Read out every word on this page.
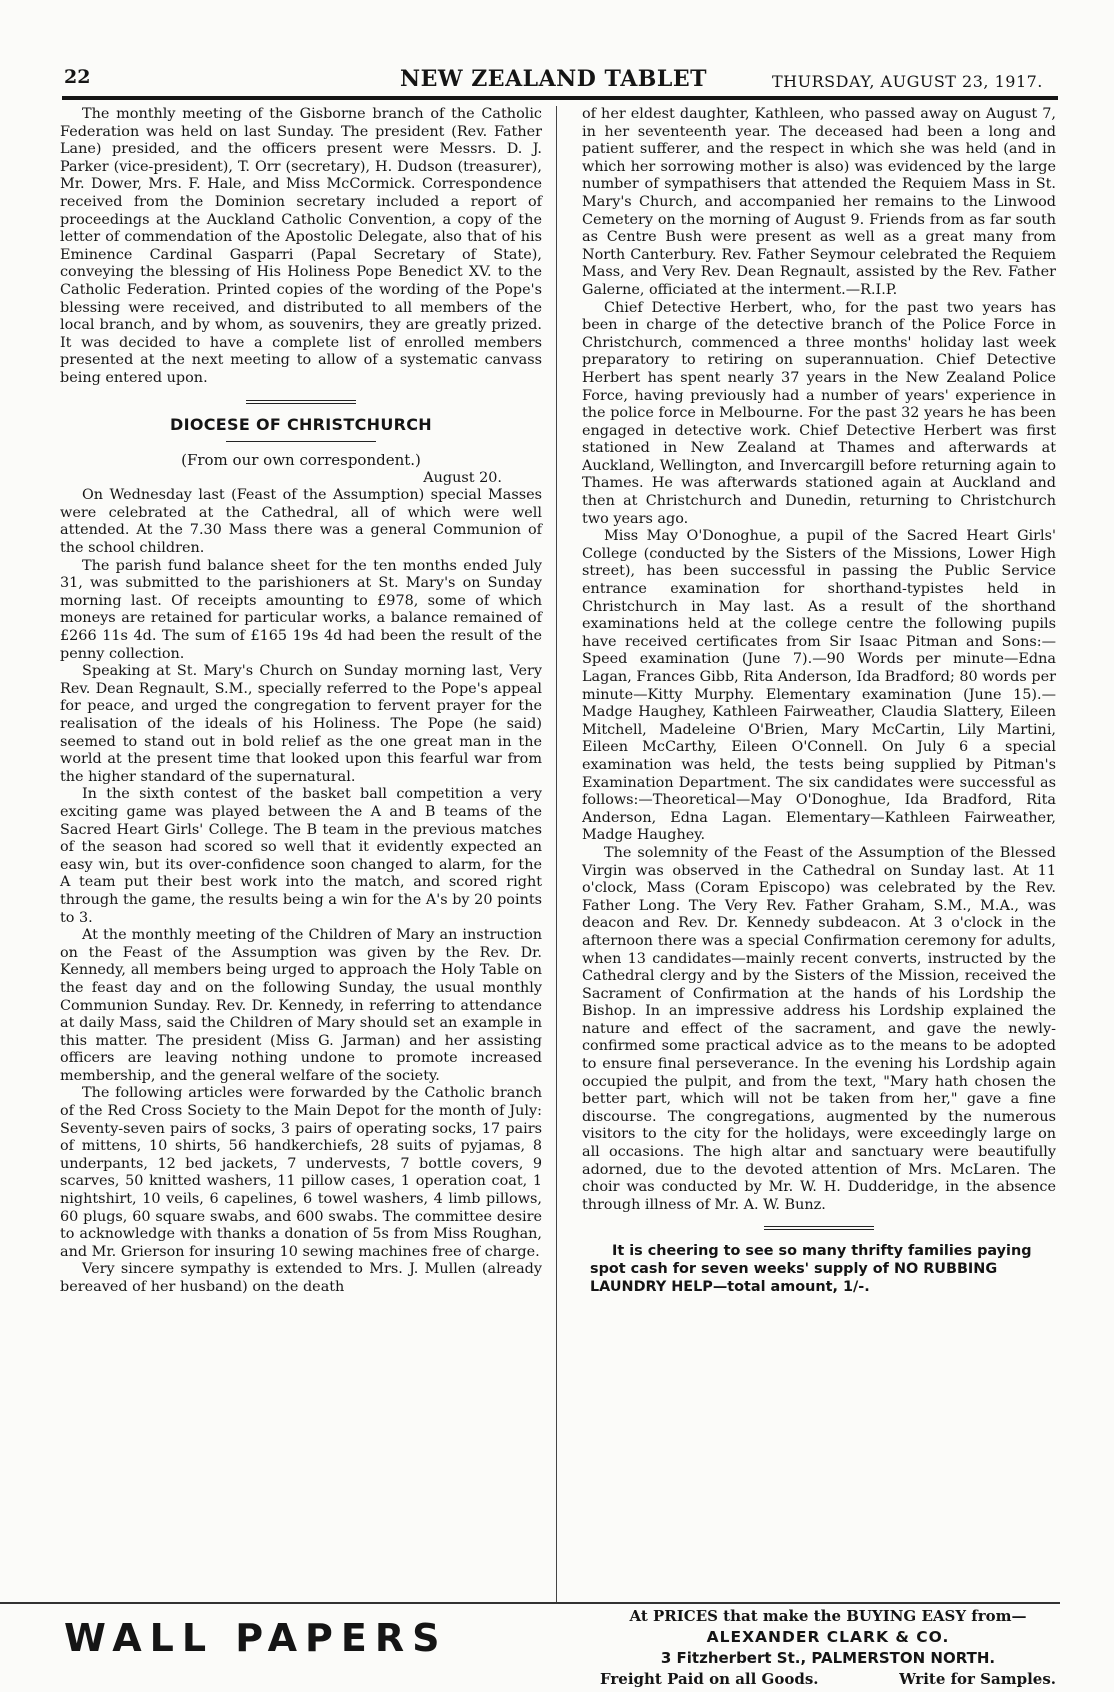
22	NEW ZEALAND TABLET	THURSDAY, AUGUST 23, 1917.

The monthly meeting of the Gisborne branch of the Catholic Federation was held on last Sunday. The president (Rev. Father Lane) presided, and the officers present were Messrs. D. J. Parker (vice-president), T. Orr (secretary), H. Dudson (treasurer), Mr. Dower, Mrs. F. Hale, and Miss McCormick. Correspondence received from the Dominion secretary included a report of proceedings at the Auckland Catholic Convention, a copy of the letter of commendation of the Apostolic Delegate, also that of his Eminence Cardinal Gasparri (Papal Secretary of State), conveying the blessing of His Holiness Pope Benedict XV. to the Catholic Federation. Printed copies of the wording of the Pope's blessing were received, and distributed to all members of the local branch, and by whom, as souvenirs, they are greatly prized. It was decided to have a complete list of enrolled members presented at the next meeting to allow of a systematic canvass being entered upon.

DIOCESE OF CHRISTCHURCH

(From our own correspondent.)

August 20.

On Wednesday last (Feast of the Assumption) special Masses were celebrated at the Cathedral, all of which were well attended. At the 7.30 Mass there was a general Communion of the school children.

The parish fund balance sheet for the ten months ended July 31, was submitted to the parishioners at St. Mary's on Sunday morning last. Of receipts amounting to £978, some of which moneys are retained for particular works, a balance remained of £266 11s 4d. The sum of £165 19s 4d had been the result of the penny collection.

Speaking at St. Mary's Church on Sunday morning last, Very Rev. Dean Regnault, S.M., specially referred to the Pope's appeal for peace, and urged the congregation to fervent prayer for the realisation of the ideals of his Holiness. The Pope (he said) seemed to stand out in bold relief as the one great man in the world at the present time that looked upon this fearful war from the higher standard of the supernatural.

In the sixth contest of the basket ball competition a very exciting game was played between the A and B teams of the Sacred Heart Girls' College. The B team in the previous matches of the season had scored so well that it evidently expected an easy win, but its over-confidence soon changed to alarm, for the A team put their best work into the match, and scored right through the game, the results being a win for the A's by 20 points to 3.

At the monthly meeting of the Children of Mary an instruction on the Feast of the Assumption was given by the Rev. Dr. Kennedy, all members being urged to approach the Holy Table on the feast day and on the following Sunday, the usual monthly Communion Sunday. Rev. Dr. Kennedy, in referring to attendance at daily Mass, said the Children of Mary should set an example in this matter. The president (Miss G. Jarman) and her assisting officers are leaving nothing undone to promote increased membership, and the general welfare of the society.

The following articles were forwarded by the Catholic branch of the Red Cross Society to the Main Depot for the month of July: Seventy-seven pairs of socks, 3 pairs of operating socks, 17 pairs of mittens, 10 shirts, 56 handkerchiefs, 28 suits of pyjamas, 8 underpants, 12 bed jackets, 7 undervests, 7 bottle covers, 9 scarves, 50 knitted washers, 11 pillow cases, 1 operation coat, 1 nightshirt, 10 veils, 6 capelines, 6 towel washers, 4 limb pillows, 60 plugs, 60 square swabs, and 600 swabs. The committee desire to acknowledge with thanks a donation of 5s from Miss Roughan, and Mr. Grierson for insuring 10 sewing machines free of charge.

Very sincere sympathy is extended to Mrs. J. Mullen (already bereaved of her husband) on the death

of her eldest daughter, Kathleen, who passed away on August 7, in her seventeenth year. The deceased had been a long and patient sufferer, and the respect in which she was held (and in which her sorrowing mother is also) was evidenced by the large number of sympathisers that attended the Requiem Mass in St. Mary's Church, and accompanied her remains to the Linwood Cemetery on the morning of August 9. Friends from as far south as Centre Bush were present as well as a great many from North Canterbury. Rev. Father Seymour celebrated the Requiem Mass, and Very Rev. Dean Regnault, assisted by the Rev. Father Galerne, officiated at the interment.—R.I.P.

Chief Detective Herbert, who, for the past two years has been in charge of the detective branch of the Police Force in Christchurch, commenced a three months' holiday last week preparatory to retiring on superannuation. Chief Detective Herbert has spent nearly 37 years in the New Zealand Police Force, having previously had a number of years' experience in the police force in Melbourne. For the past 32 years he has been engaged in detective work. Chief Detective Herbert was first stationed in New Zealand at Thames and afterwards at Auckland, Wellington, and Invercargill before returning again to Thames. He was afterwards stationed again at Auckland and then at Christchurch and Dunedin, returning to Christchurch two years ago.

Miss May O'Donoghue, a pupil of the Sacred Heart Girls' College (conducted by the Sisters of the Missions, Lower High street), has been successful in passing the Public Service entrance examination for shorthand-typistes held in Christchurch in May last. As a result of the shorthand examinations held at the college centre the following pupils have received certificates from Sir Isaac Pitman and Sons:—Speed examination (June 7).—90 Words per minute—Edna Lagan, Frances Gibb, Rita Anderson, Ida Bradford; 80 words per minute—Kitty Murphy. Elementary examination (June 15).—Madge Haughey, Kathleen Fairweather, Claudia Slattery, Eileen Mitchell, Madeleine O'Brien, Mary McCartin, Lily Martini, Eileen McCarthy, Eileen O'Connell. On July 6 a special examination was held, the tests being supplied by Pitman's Examination Department. The six candidates were successful as follows:—Theoretical—May O'Donoghue, Ida Bradford, Rita Anderson, Edna Lagan. Elementary—Kathleen Fairweather, Madge Haughey.

The solemnity of the Feast of the Assumption of the Blessed Virgin was observed in the Cathedral on Sunday last. At 11 o'clock, Mass (Coram Episcopo) was celebrated by the Rev. Father Long. The Very Rev. Father Graham, S.M., M.A., was deacon and Rev. Dr. Kennedy subdeacon. At 3 o'clock in the afternoon there was a special Confirmation ceremony for adults, when 13 candidates—mainly recent converts, instructed by the Cathedral clergy and by the Sisters of the Mission, received the Sacrament of Confirmation at the hands of his Lordship the Bishop. In an impressive address his Lordship explained the nature and effect of the sacrament, and gave the newly-confirmed some practical advice as to the means to be adopted to ensure final perseverance. In the evening his Lordship again occupied the pulpit, and from the text, "Mary hath chosen the better part, which will not be taken from her," gave a fine discourse. The congregations, augmented by the numerous visitors to the city for the holidays, were exceedingly large on all occasions. The high altar and sanctuary were beautifully adorned, due to the devoted attention of Mrs. McLaren. The choir was conducted by Mr. W. H. Dudderidge, in the absence through illness of Mr. A. W. Bunz.

It is cheering to see so many thrifty families paying spot cash for seven weeks' supply of NO RUBBING LAUNDRY HELP—total amount, 1/-.

WALL PAPERS	At PRICES that make the BUYING EASY from—
ALEXANDER CLARK & CO.
3 Fitzherbert St., PALMERSTON NORTH.
Freight Paid on all Goods.	Write for Samples.
